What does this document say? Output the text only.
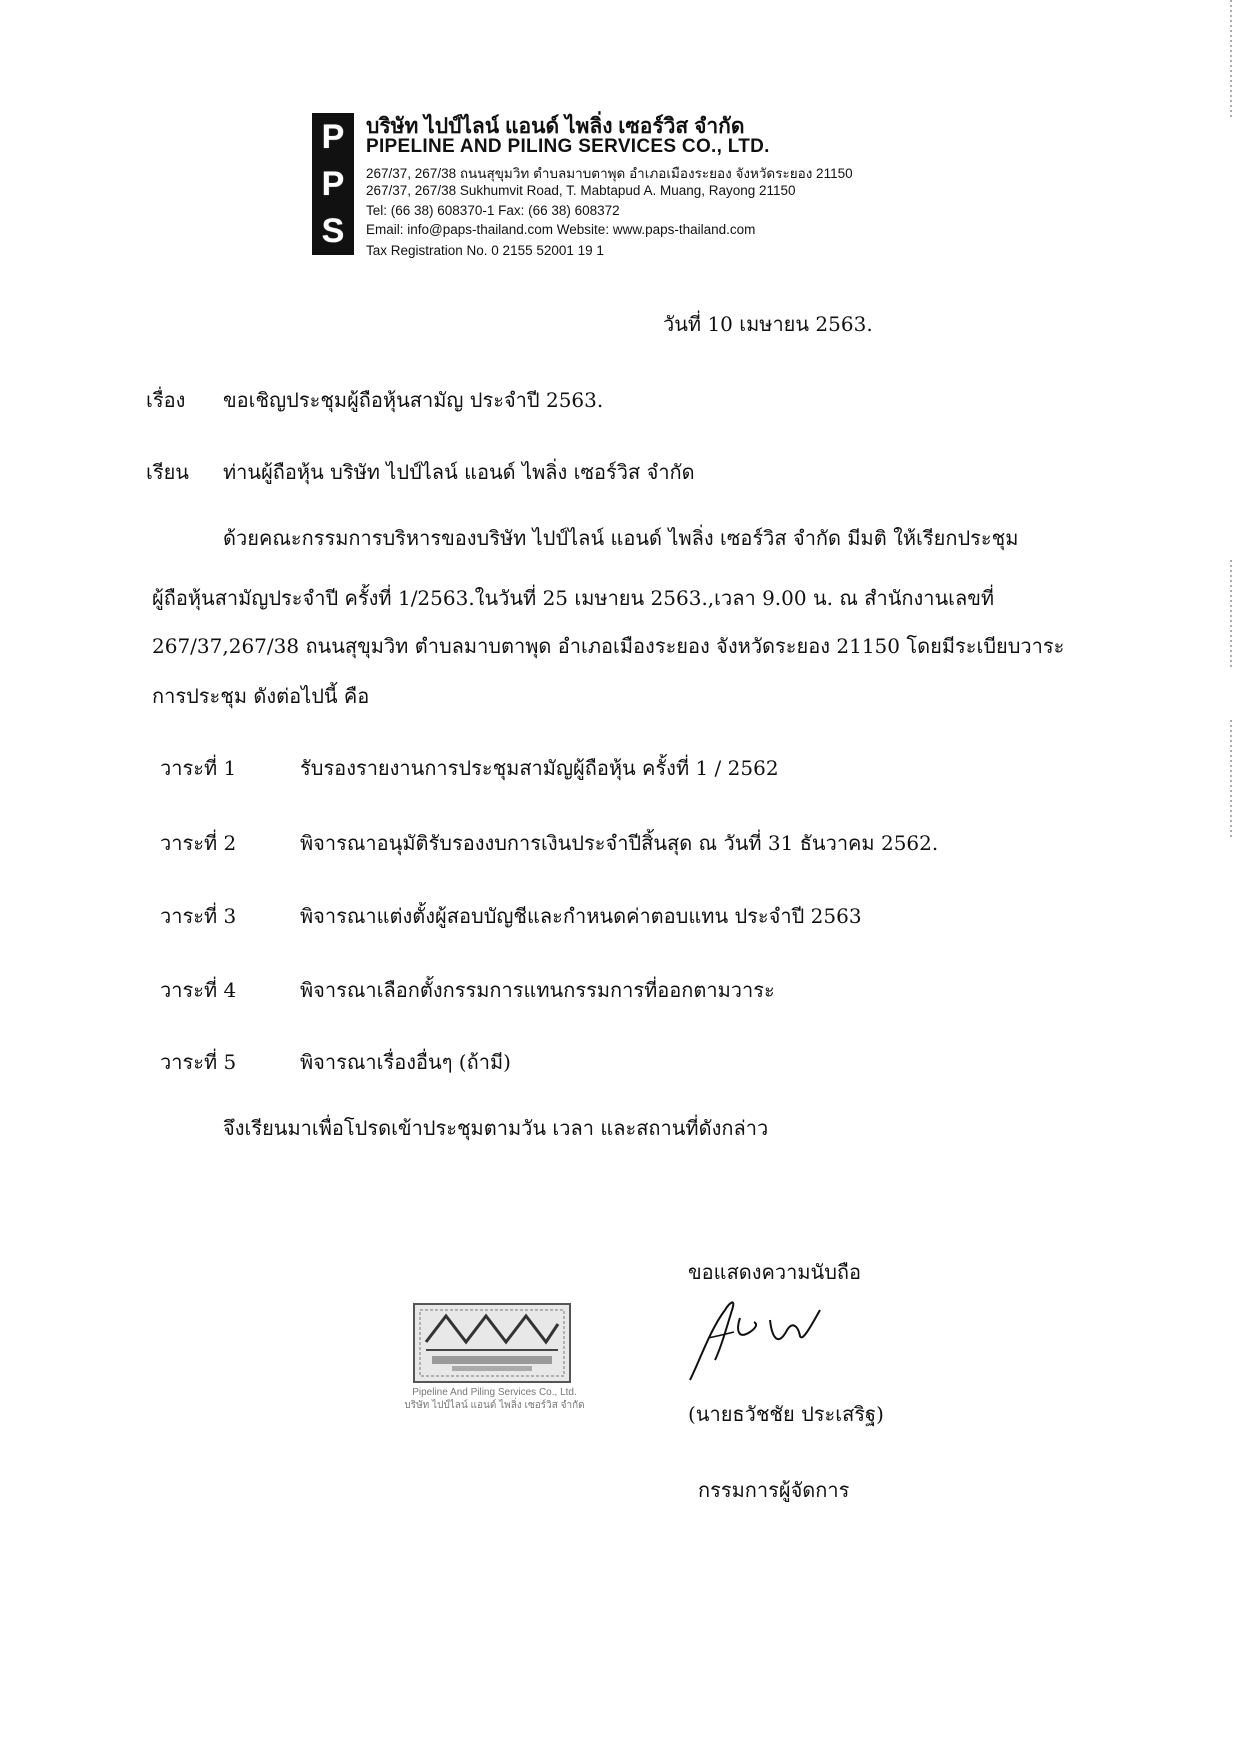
P
P
S
บริษัท ไปป์ไลน์ แอนด์ ไพลิ่ง เซอร์วิส จำกัด
PIPELINE AND PILING SERVICES CO., LTD.
267/37, 267/38 ถนนสุขุมวิท ตำบลมาบตาพุด อำเภอเมืองระยอง จังหวัดระยอง 21150
267/37, 267/38 Sukhumvit Road, T. Mabtapud A. Muang, Rayong 21150
Tel: (66 38) 608370-1 Fax: (66 38) 608372
Email: info@paps-thailand.com Website: www.paps-thailand.com
Tax Registration No. 0 2155 52001 19 1
วันที่ 10 เมษายน 2563.
เรื่อง ขอเชิญประชุมผู้ถือหุ้นสามัญ ประจำปี 2563.
เรียน ท่านผู้ถือหุ้น บริษัท ไปป์ไลน์ แอนด์ ไพลิ่ง เซอร์วิส จำกัด
ด้วยคณะกรรมการบริหารของบริษัท ไปป์ไลน์ แอนด์ ไพลิ่ง เซอร์วิส จำกัด มีมติ ให้เรียกประชุม
ผู้ถือหุ้นสามัญประจำปี ครั้งที่ 1/2563.ในวันที่ 25 เมษายน 2563.,เวลา 9.00 น. ณ สำนักงานเลขที่
267/37,267/38 ถนนสุขุมวิท ตำบลมาบตาพุด อำเภอเมืองระยอง จังหวัดระยอง 21150 โดยมีระเบียบวาระ
การประชุม ดังต่อไปนี้ คือ
วาระที่ 1	รับรองรายงานการประชุมสามัญผู้ถือหุ้น ครั้งที่ 1 / 2562
วาระที่ 2	พิจารณาอนุมัติรับรองงบการเงินประจำปีสิ้นสุด ณ วันที่ 31 ธันวาคม 2562.
วาระที่ 3	พิจารณาแต่งตั้งผู้สอบบัญชีและกำหนดค่าตอบแทน ประจำปี 2563
วาระที่ 4	พิจารณาเลือกตั้งกรรมการแทนกรรมการที่ออกตามวาระ
วาระที่ 5	พิจารณาเรื่องอื่นๆ (ถ้ามี)
จึงเรียนมาเพื่อโปรดเข้าประชุมตามวัน เวลา และสถานที่ดังกล่าว
ขอแสดงความนับถือ
(นายธวัชชัย ประเสริฐ)
กรรมการผู้จัดการ
Pipeline And Piling Services Co., Ltd.
บริษัท ไปป์ไลน์ แอนด์ ไพลิ่ง เซอร์วิส จำกัด
